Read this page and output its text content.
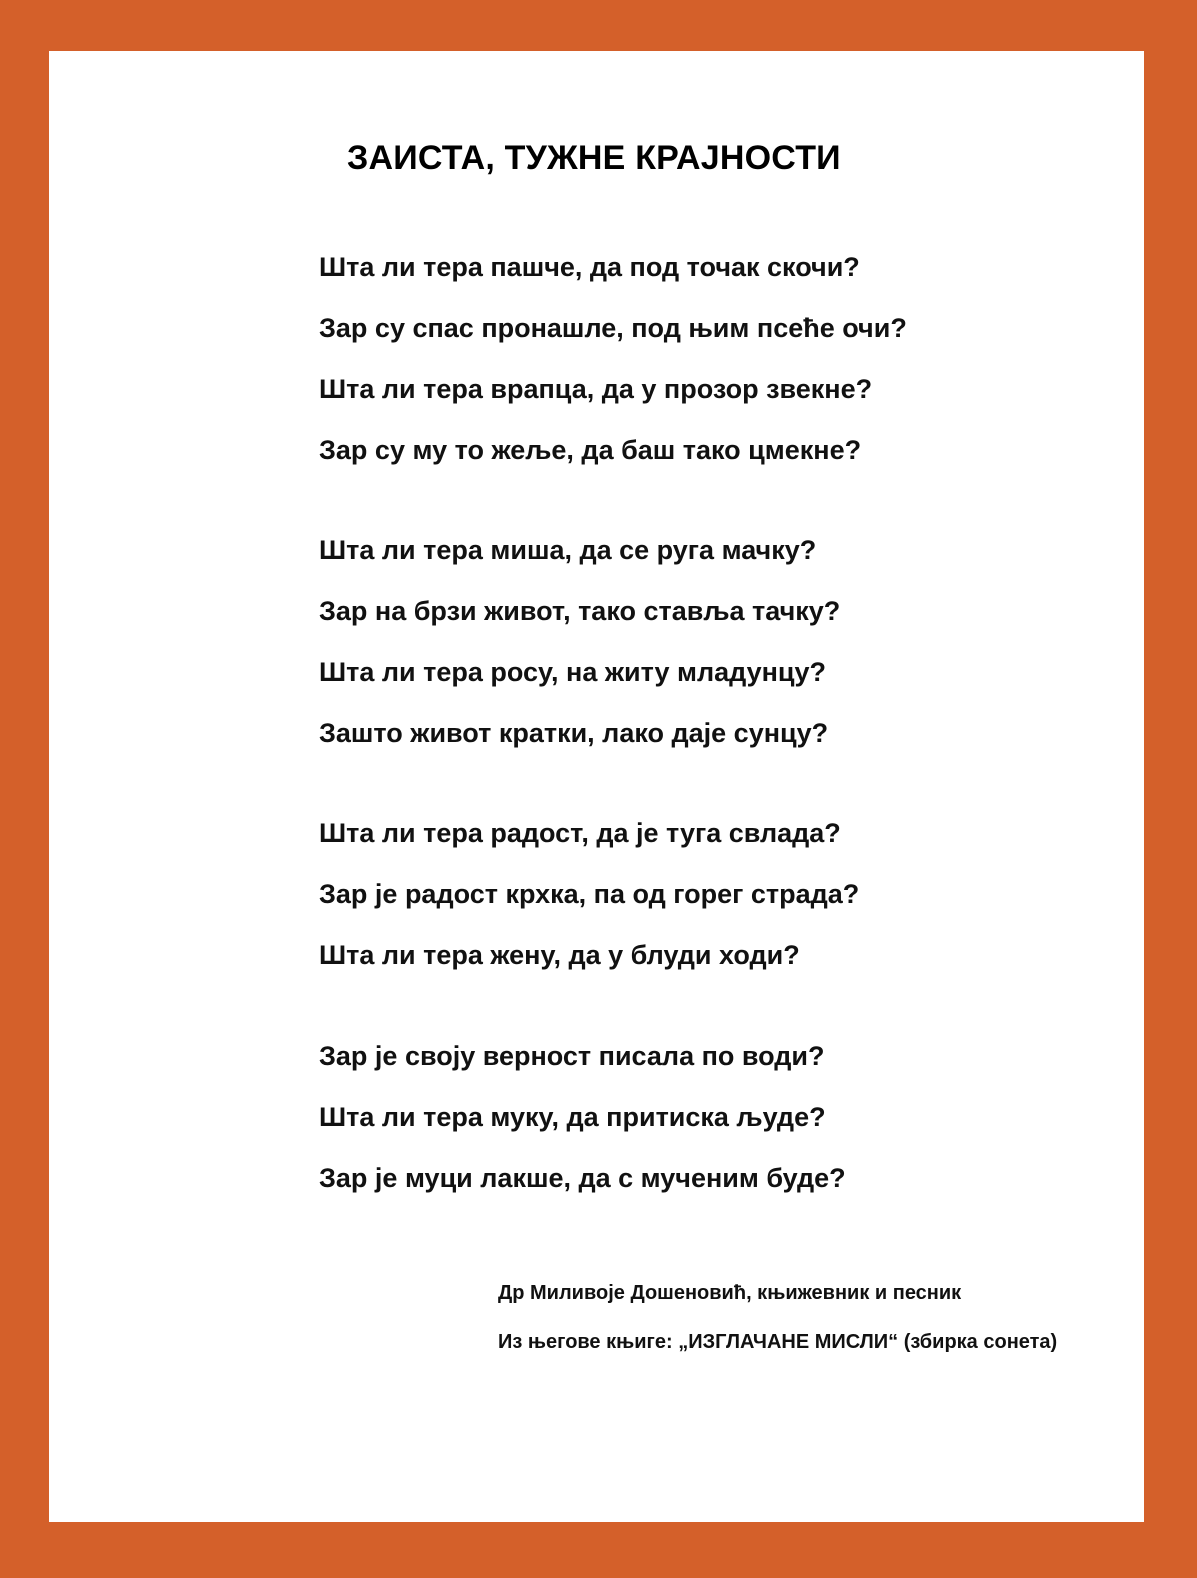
ЗАИСТА, ТУЖНЕ КРАЈНОСТИ
Шта ли тера пашче, да под точак скочи?
Зар су спас пронашле, под њим псеће очи?
Шта ли тера врапца, да у прозор звекне?
Зар су му то жеље, да баш тако цмекне?
Шта ли тера миша, да се руга мачку?
Зар на брзи живот, тако ставља тачку?
Шта ли тера росу, на житу младунцу?
Зашто живот кратки, лако даје сунцу?
Шта ли тера радост, да је туга свлада?
Зар је радост крхка, па од горег страда?
Шта ли тера жену, да у блуди ходи?
Зар је своју верност писала по води?
Шта ли тера муку, да притиска људе?
Зар је муци лакше, да с мученим буде?
Др Миливоје Дошеновић, књижевник и песник
Из његове књиге: „ИЗГЛАЧАНЕ МИСЛИ“ (збирка сонета)
